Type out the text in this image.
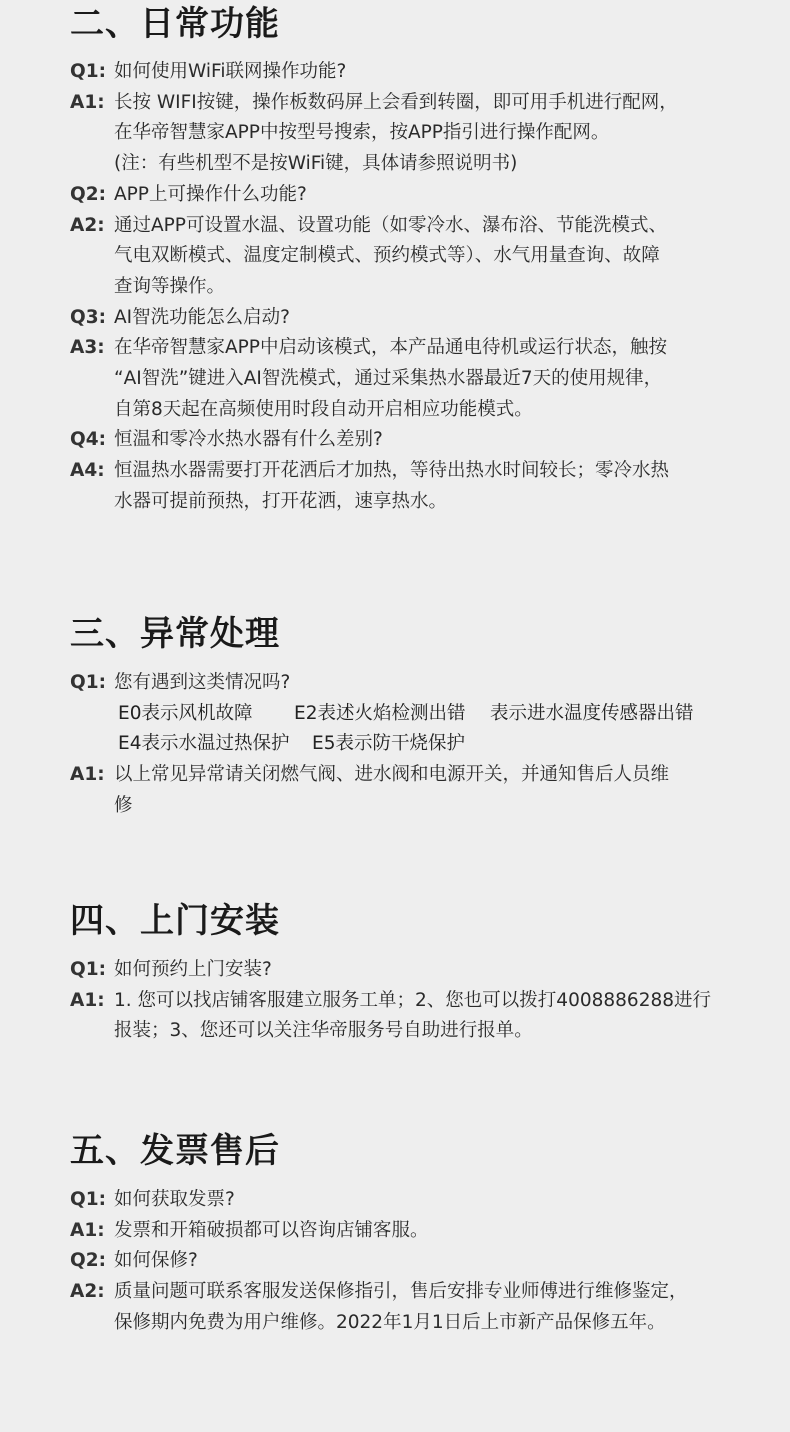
二、日常功能
Q1: 如何使用WiFi联网操作功能?
A1: 长按 WIFI按键，操作板数码屏上会看到转圈，即可用手机进行配网，
在华帝智慧家APP中按型号搜索，按APP指引进行操作配网。
(注：有些机型不是按WiFi键，具体请参照说明书)
Q2: APP上可操作什么功能?
A2: 通过APP可设置水温、设置功能（如零冷水、瀑布浴、节能洗模式、
气电双断模式、温度定制模式、预约模式等）、水气用量查询、故障
查询等操作。
Q3: AI智洗功能怎么启动?
A3: 在华帝智慧家APP中启动该模式，本产品通电待机或运行状态，触按
“AI智洗”键进入AI智洗模式，通过采集热水器最近7天的使用规律，
自第8天起在高频使用时段自动开启相应功能模式。
Q4: 恒温和零冷水热水器有什么差别?
A4: 恒温热水器需要打开花洒后才加热，等待出热水时间较长；零冷水热
水器可提前预热，打开花洒，速享热水。
三、异常处理
Q1: 您有遇到这类情况吗?
E0表示风机故障	E2表述火焰检测出错	表示进水温度传感器出错
E4表示水温过热保护	E5表示防干烧保护
A1: 以上常见异常请关闭燃气阀、进水阀和电源开关，并通知售后人员维
修
四、上门安装
Q1: 如何预约上门安装?
A1: 1. 您可以找店铺客服建立服务工单；2、您也可以拨打4008886288进行
报装；3、您还可以关注华帝服务号自助进行报单。
五、发票售后
Q1: 如何获取发票?
A1: 发票和开箱破损都可以咨询店铺客服。
Q2: 如何保修?
A2: 质量问题可联系客服发送保修指引，售后安排专业师傅进行维修鉴定，
保修期内免费为用户维修。2022年1月1日后上市新产品保修五年。
